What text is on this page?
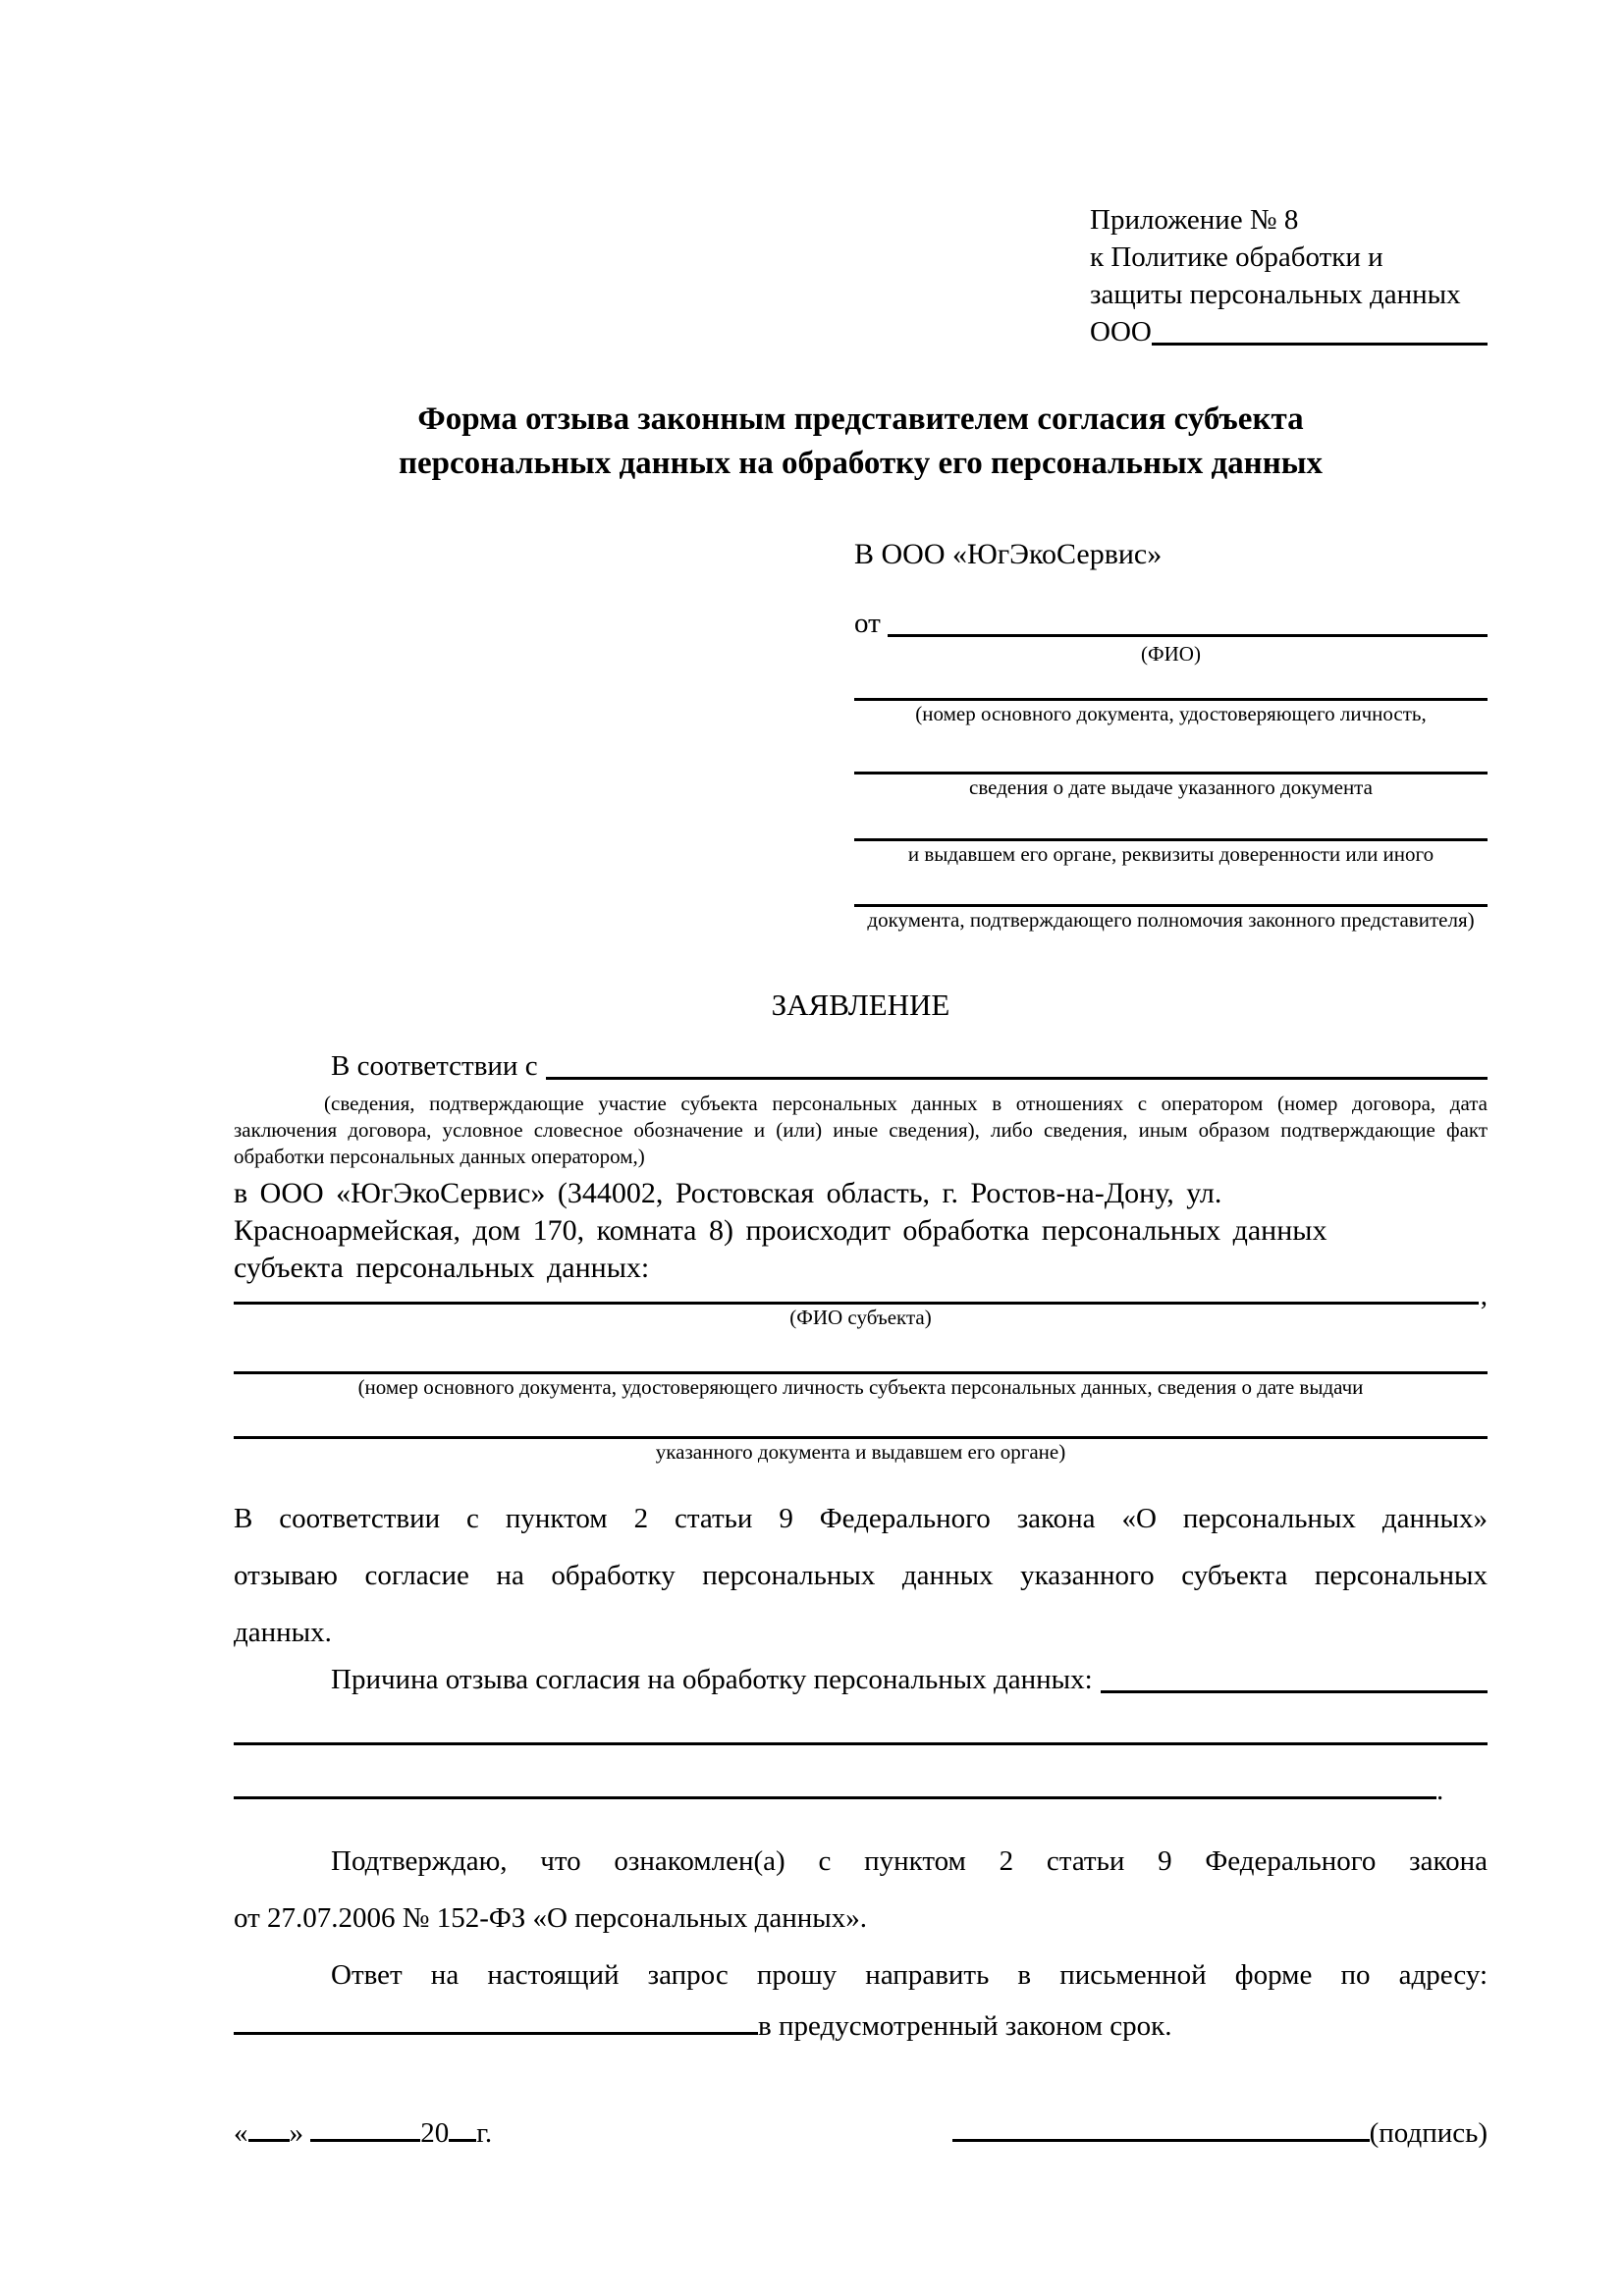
Приложение № 8
к Политике обработки и
защиты персональных данных
ООО
Форма отзыва законным представителем согласия субъекта
персональных данных на обработку его персональных данных
В ООО «ЮгЭкоСервис»
от

(ФИО)
(номер основного документа, удостоверяющего личность,
сведения о дате выдаче указанного документа
и выдавшем его органе, реквизиты доверенности или иного
документа, подтверждающего полномочия законного представителя)
ЗАЯВЛЕНИЕ
В соответствии с
(сведения, подтверждающие участие субъекта персональных данных в отношениях с оператором (номер договора, дата
заключения договора, условное словесное обозначение и (или) иные сведения), либо сведения, иным образом подтверждающие факт
обработки персональных данных оператором,)
в ООО «ЮгЭкоСервис» (344002, Ростовская область, г. Ростов-на-Дону, ул.
Красноармейская, дом 170, комната 8) происходит обработка персональных данных
субъекта персональных данных:
,
(ФИО субъекта)
(номер основного документа, удостоверяющего личность субъекта персональных данных, сведения о дате выдачи
указанного документа и выдавшем его органе)
В соответствии с пунктом 2 статьи 9 Федерального закона «О персональных данных»
отзываю согласие на обработку персональных данных указанного субъекта персональных
данных.
Причина отзыва согласия на обработку персональных данных:
.
Подтверждаю, что ознакомлен(а) с пунктом 2 статьи 9 Федерального закона
от 27.07.2006 № 152-ФЗ «О персональных данных».
Ответ на настоящий запрос прошу направить в письменной форме по адресу:
в предусмотренный законом срок.
« »	20 г.	(подпись)
